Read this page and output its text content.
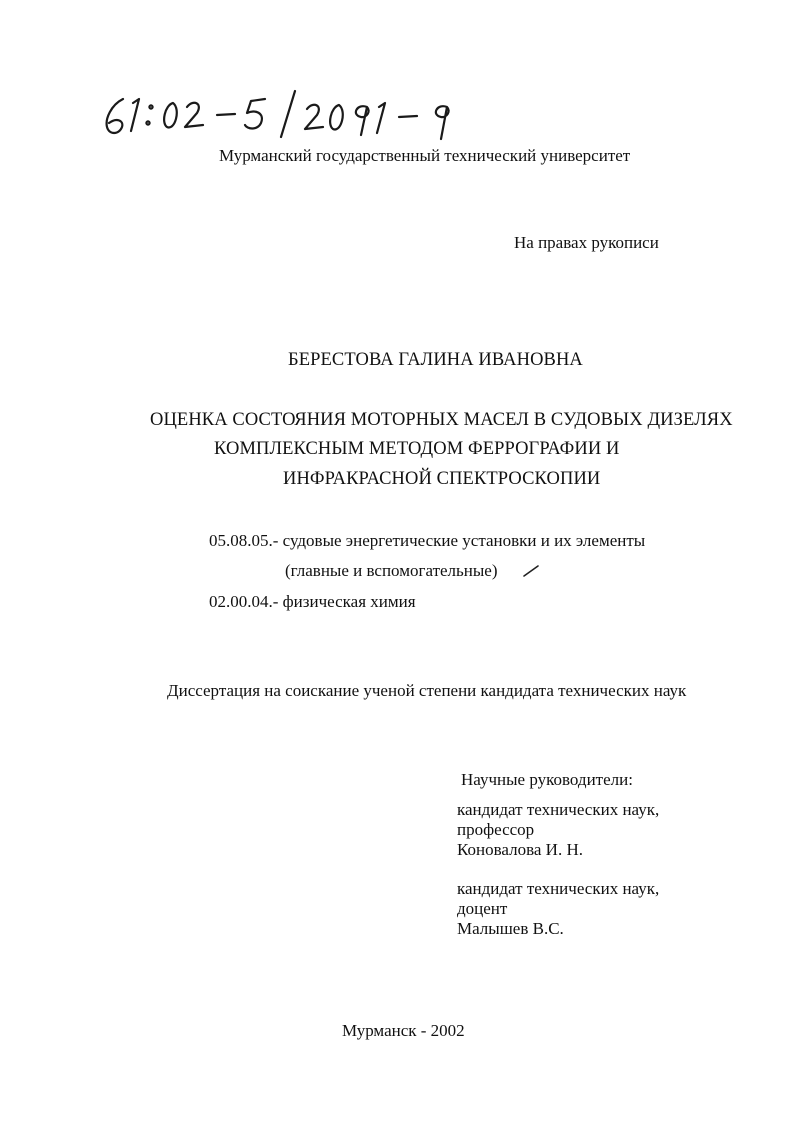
Мурманский государственный технический университет
На правах рукописи
БЕРЕСТОВА ГАЛИНА ИВАНОВНА
ОЦЕНКА СОСТОЯНИЯ МОТОРНЫХ МАСЕЛ В СУДОВЫХ ДИЗЕЛЯХ
КОМПЛЕКСНЫМ МЕТОДОМ ФЕРРОГРАФИИ И
ИНФРАКРАСНОЙ СПЕКТРОСКОПИИ
05.08.05.- судовые энергетические установки и их элементы
(главные и вспомогательные)
02.00.04.- физическая химия
Диссертация на соискание ученой степени кандидата технических наук
Научные руководители:
кандидат технических наук,
профессор
Коновалова И. Н.
кандидат технических наук,
доцент
Малышев В.С.
Мурманск - 2002
